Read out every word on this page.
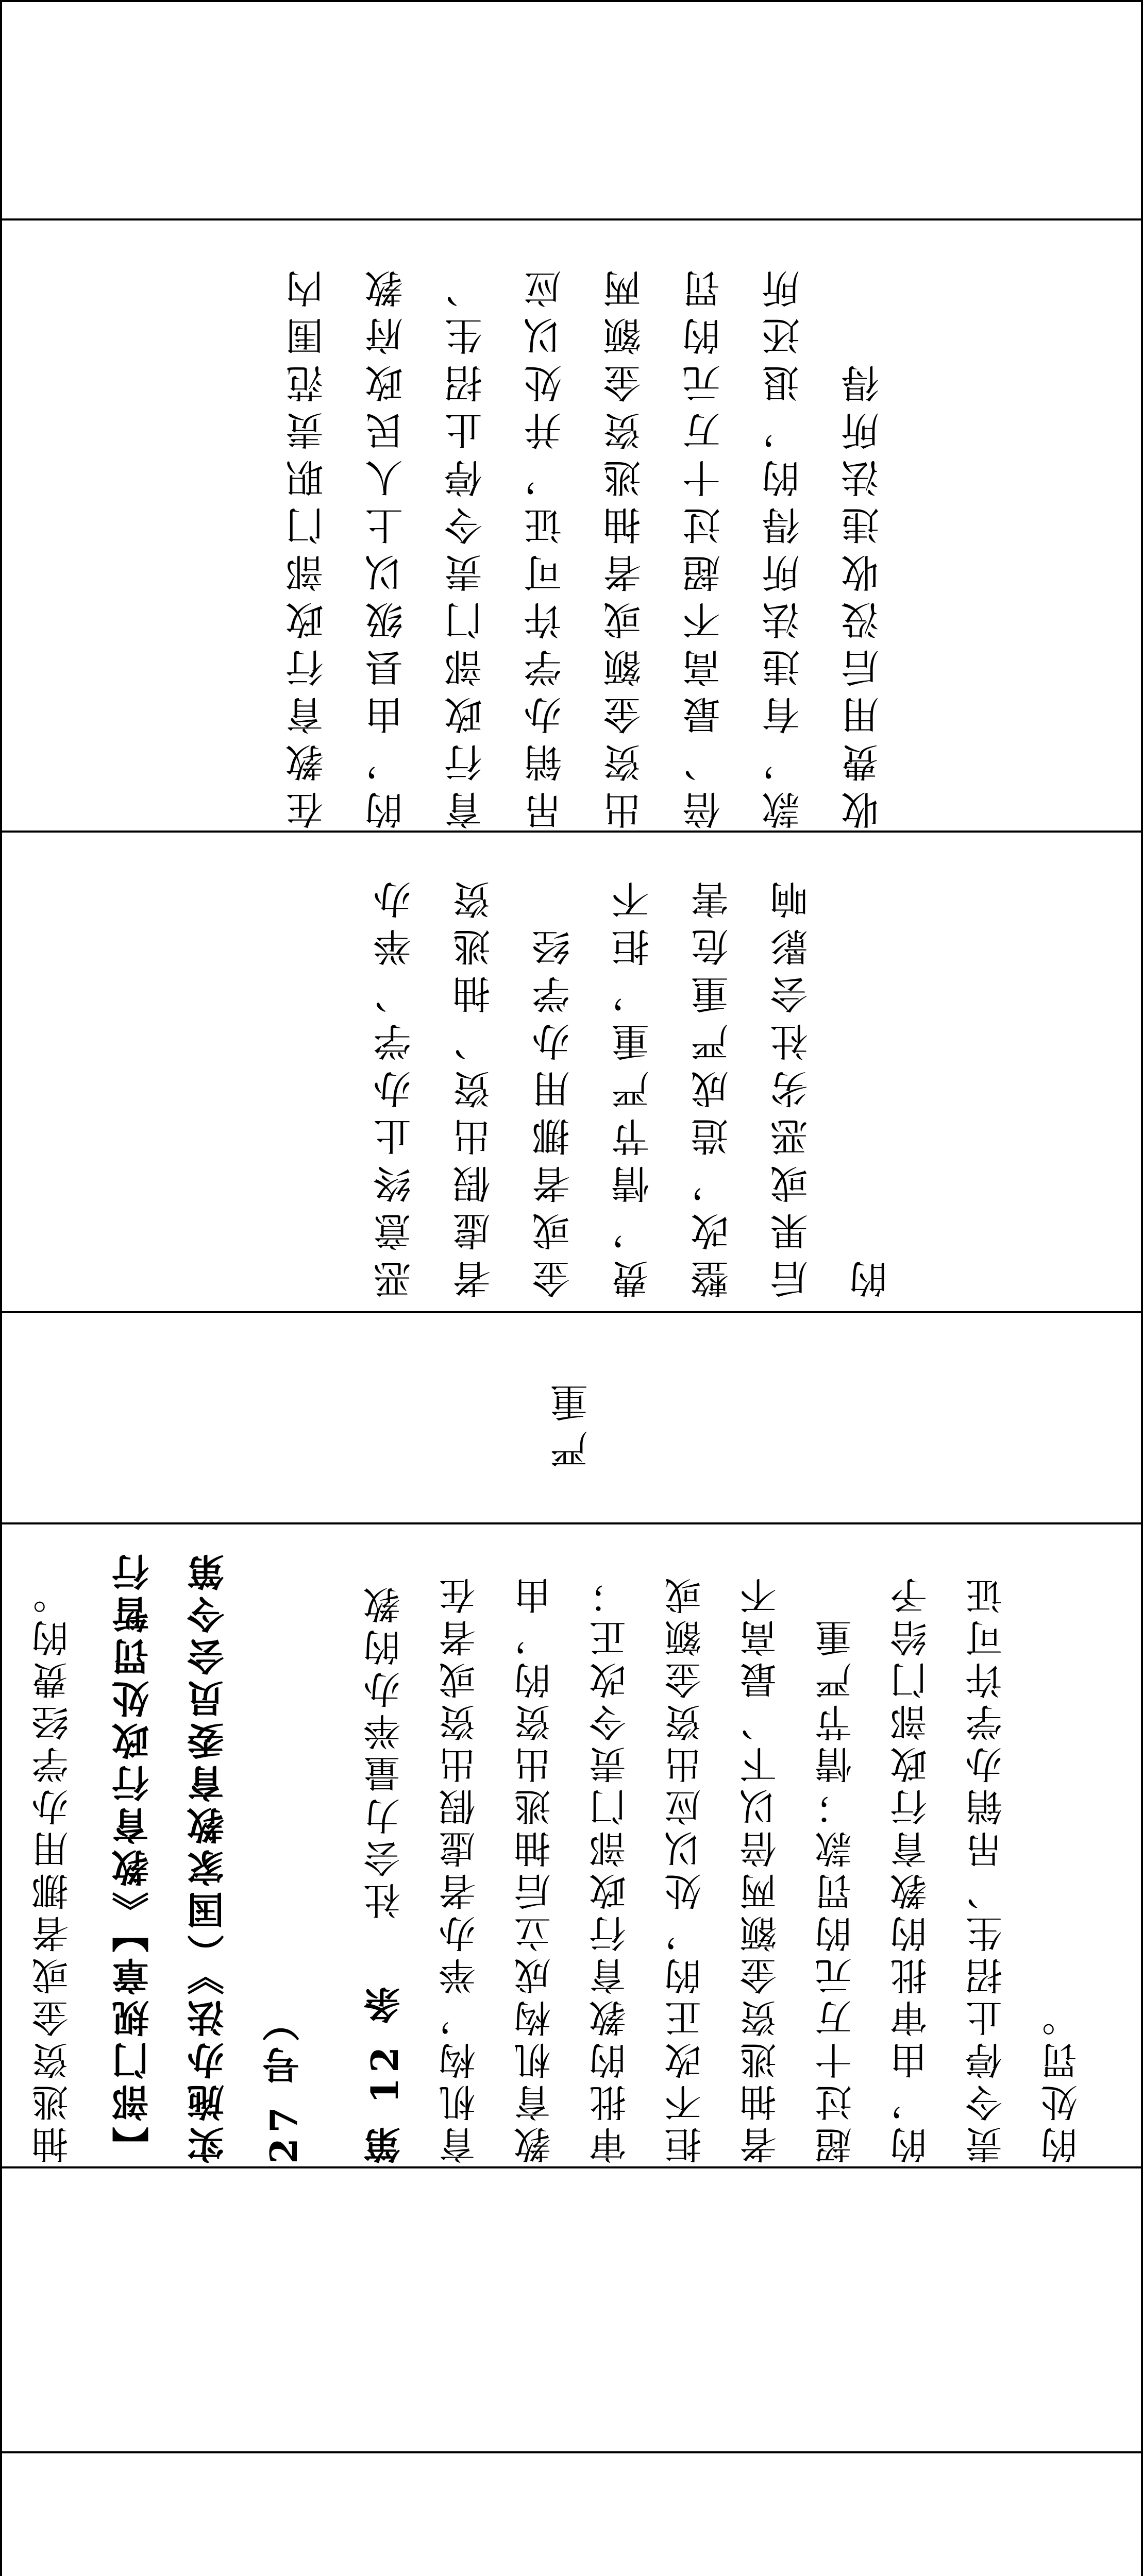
在教育行政部门职责范围内的，由县级以上人民政府教育行政部门责令停止招生、吊销办学许可证，并处以应出资金额或者抽逃资金额两倍、最高不超过十万元的罚款，有违法所得的，退还所收费用后没收违法所得
恶意终止办学、举办者虚假出资、抽逃资金或者挪用办学经费，情节严重，拒不整改，造成严重危害后果或恶劣社会影响的
严重

抽逃资金或者挪用办学经费的。 【部门规章】《教育行政处罚暂行实施办法》（国家教育委员会令第 27 号）	第 12 条社会力量举办的教育机构，举办者虚假出资或者在教育机构成立后抽逃出资的，由审批的教育行政部门责令改正；拒不改正的，处以应出资金额或者抽逃资金额两倍以下、最高不超过十万元的罚款；情节严重的，由审批的教育行政部门给予责令停止招生、吊销办学许可证的处罚。
